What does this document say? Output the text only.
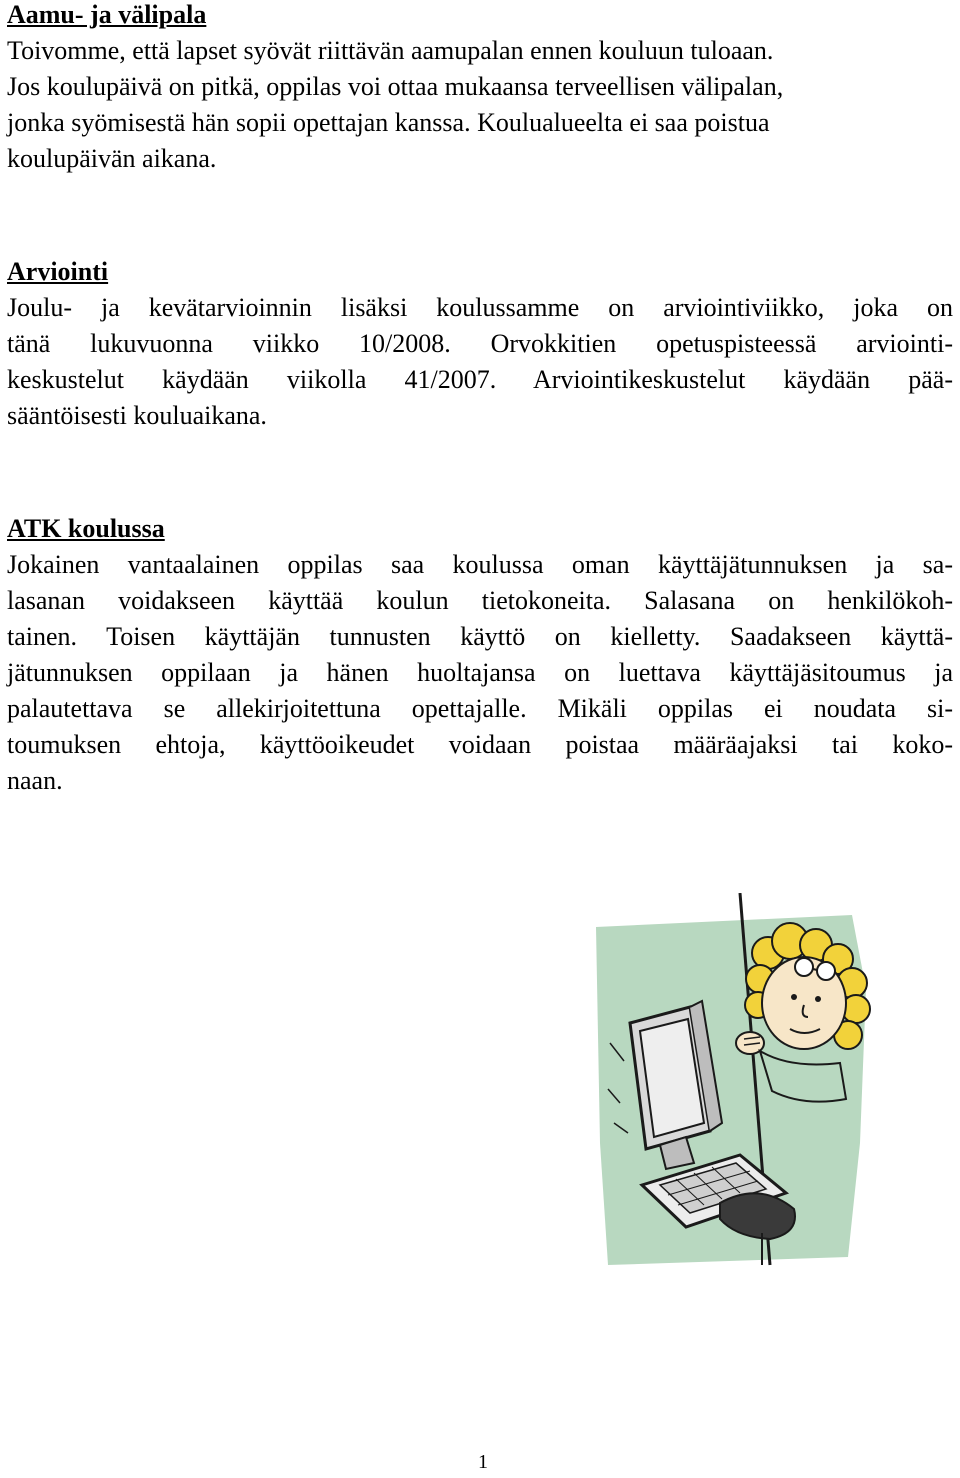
Aamu- ja välipala

Toivomme, että lapset syövät riittävän aamupalan ennen kouluun tuloaan.

Jos koulupäivä on pitkä, oppilas voi ottaa mukaansa terveellisen välipalan,

jonka syömisestä hän sopii opettajan kanssa. Koulualueelta ei saa poistua

koulupäivän aikana.

Arviointi

Joulu- ja kevätarvioinnin lisäksi koulussamme on arviointiviikko, joka on

tänä lukuvuonna viikko 10/2008. Orvokkitien opetuspisteessä arviointi-

keskustelut käydään viikolla 41/2007. Arviointikeskustelut käydään pää-

sääntöisesti kouluaikana.

ATK koulussa

Jokainen vantaalainen oppilas saa koulussa oman käyttäjätunnuksen ja sa-

lasanan voidakseen käyttää koulun tietokoneita. Salasana on henkilökoh-

tainen. Toisen käyttäjän tunnusten käyttö on kielletty. Saadakseen käyttä-

jätunnuksen oppilaan ja hänen huoltajansa on luettava käyttäjäsitoumus ja

palautettava se allekirjoitettuna opettajalle. Mikäli oppilas ei noudata si-

toumuksen ehtoja, käyttöoikeudet voidaan poistaa määräajaksi tai koko-

naan.

1
